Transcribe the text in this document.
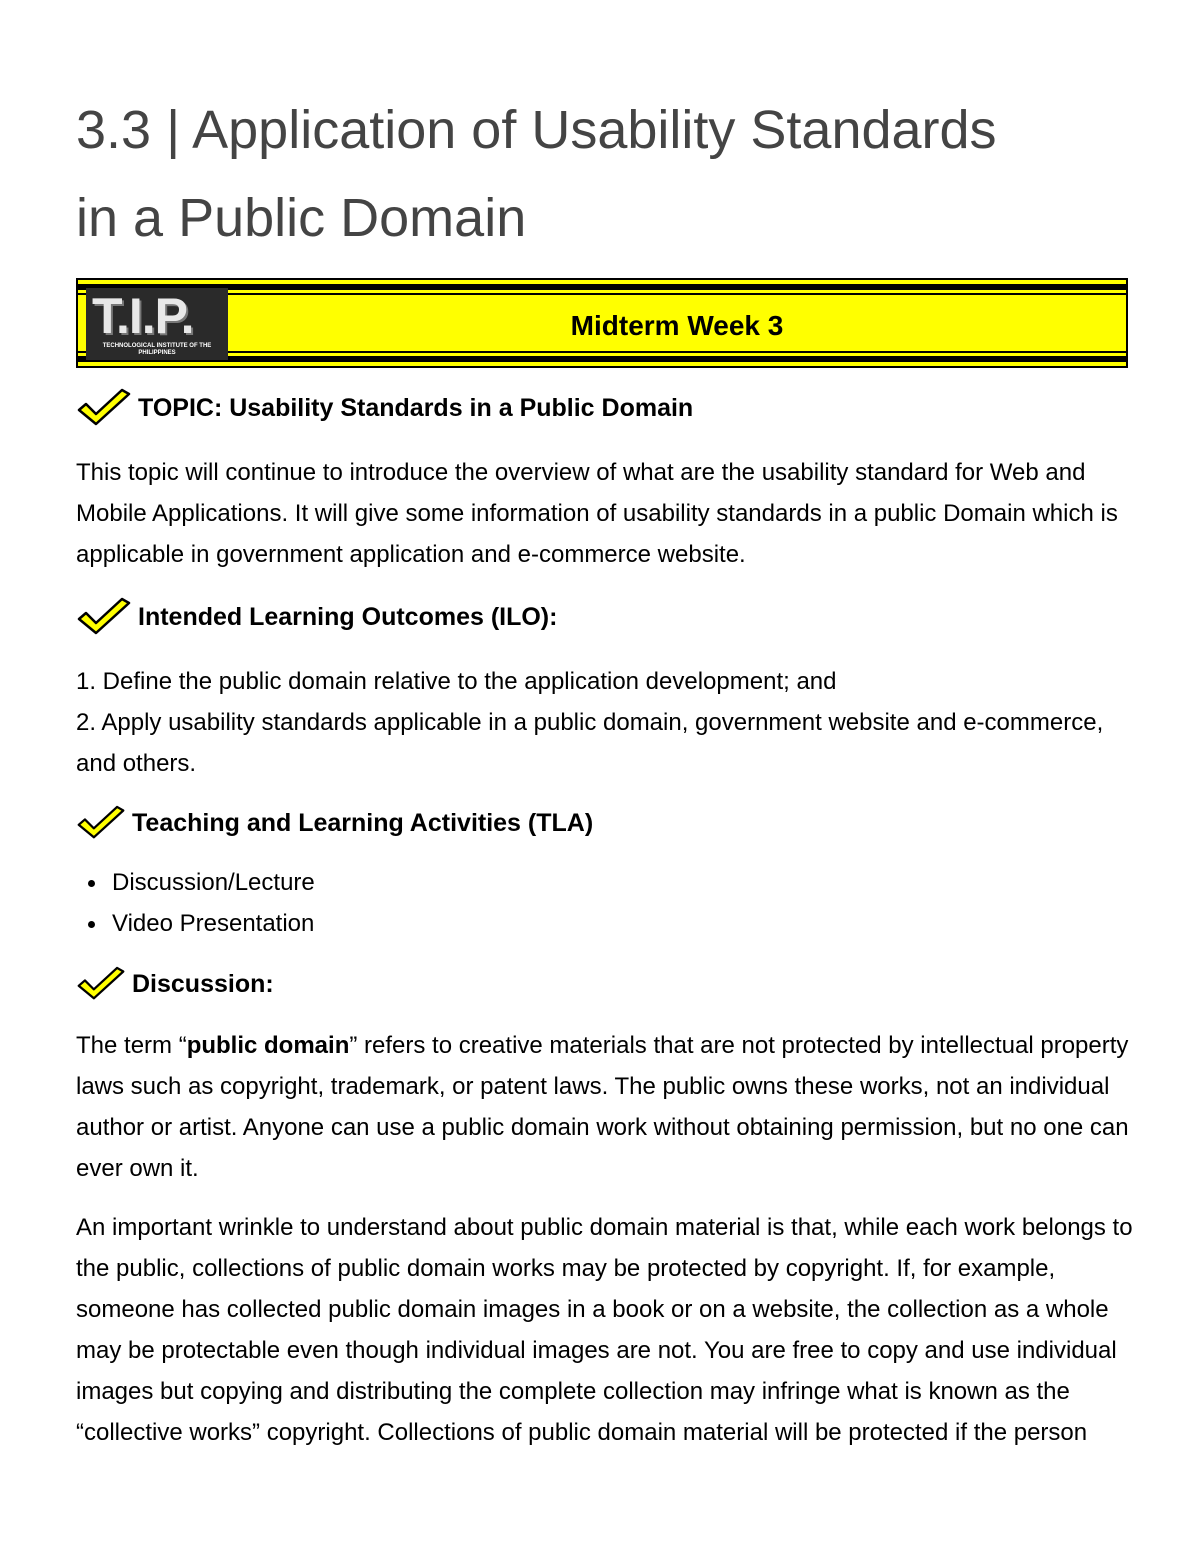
3.3 | Application of Usability Standards
in a Public Domain
T.I.P.
TECHNOLOGICAL INSTITUTE OF THE PHILIPPINES
Midterm Week 3
TOPIC: Usability Standards in a Public Domain

This topic will continue to introduce the overview of what are the usability standard for Web and Mobile Applications. It will give some information of usability standards in a public Domain which is applicable in government application and e-commerce website.

Intended Learning Outcomes (ILO):

1. Define the public domain relative to the application development; and

2. Apply usability standards applicable in a public domain, government website and e-commerce, and others.

Teaching and Learning Activities (TLA)
Discussion/Lecture
Video Presentation
Discussion:

The term “public domain” refers to creative materials that are not protected by intellectual property laws such as copyright, trademark, or patent laws. The public owns these works, not an individual author or artist. Anyone can use a public domain work without obtaining permission, but no one can ever own it.

An important wrinkle to understand about public domain material is that, while each work belongs to the public, collections of public domain works may be protected by copyright. If, for example, someone has collected public domain images in a book or on a website, the collection as a whole may be protectable even though individual images are not. You are free to copy and use individual images but copying and distributing the complete collection may infringe what is known as the “collective works” copyright. Collections of public domain material will be protected if the person
